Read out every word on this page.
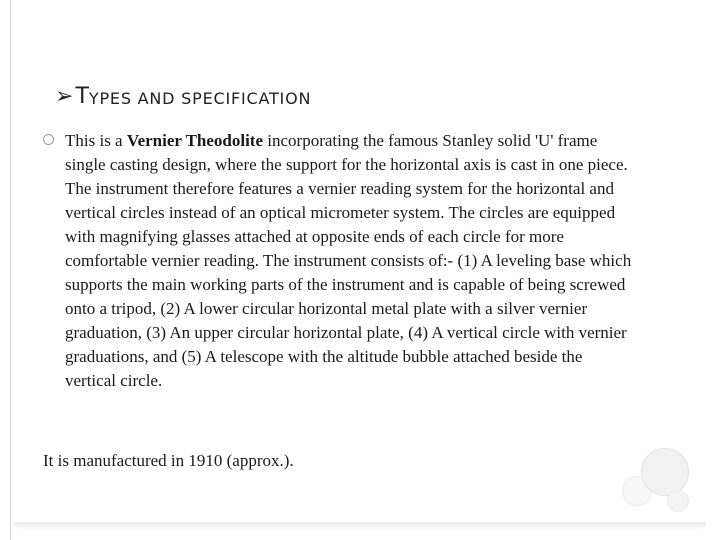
➢ T YPES AND SPECIFICATION

This is a Vernier Theodolite incorporating the famous Stanley solid 'U' frame single casting design, where the support for the horizontal axis is cast in one piece. The instrument therefore features a vernier reading system for the horizontal and vertical circles instead of an optical micrometer system. The circles are equipped with magnifying glasses attached at opposite ends of each circle for more comfortable vernier reading. The instrument consists of:- (1) A leveling base which supports the main working parts of the instrument and is capable of being screwed onto a tripod, (2) A lower circular horizontal metal plate with a silver vernier graduation, (3) An upper circular horizontal plate, (4) A vertical circle with vernier graduations, and (5) A telescope with the altitude bubble attached beside the vertical circle.

It is manufactured in 1910 (approx.).
